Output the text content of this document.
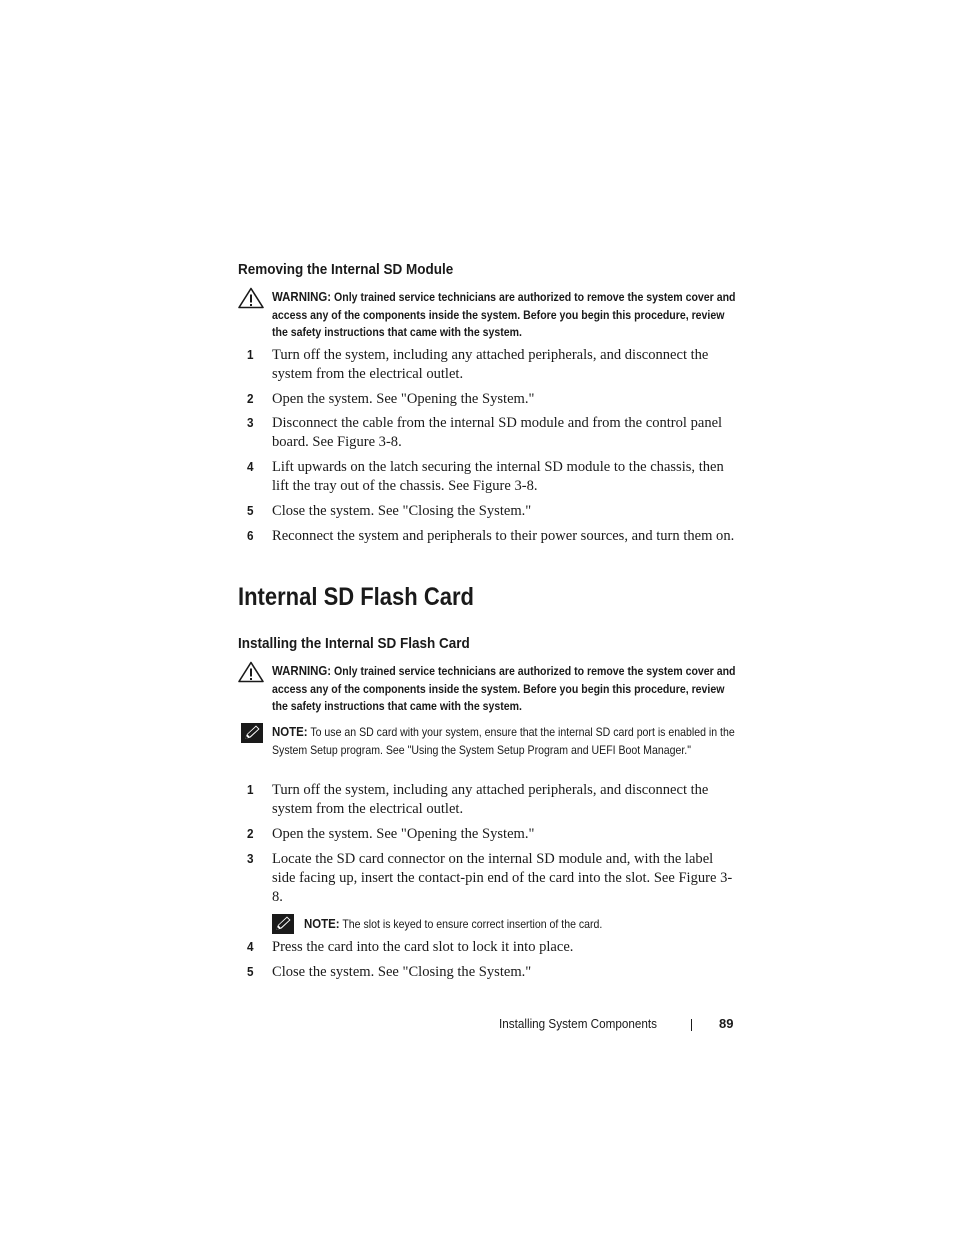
Removing the Internal SD Module
WARNING: Only trained service technicians are authorized to remove the system cover and access any of the components inside the system. Before you begin this procedure, review the safety instructions that came with the system.
1 Turn off the system, including any attached peripherals, and disconnect the system from the electrical outlet.
2 Open the system. See "Opening the System."
3 Disconnect the cable from the internal SD module and from the control panel board. See Figure 3-8.
4 Lift upwards on the latch securing the internal SD module to the chassis, then lift the tray out of the chassis. See Figure 3-8.
5 Close the system. See "Closing the System."
6 Reconnect the system and peripherals to their power sources, and turn them on.
Internal SD Flash Card
Installing the Internal SD Flash Card
WARNING: Only trained service technicians are authorized to remove the system cover and access any of the components inside the system. Before you begin this procedure, review the safety instructions that came with the system.
NOTE: To use an SD card with your system, ensure that the internal SD card port is enabled in the System Setup program. See "Using the System Setup Program and UEFI Boot Manager."
1 Turn off the system, including any attached peripherals, and disconnect the system from the electrical outlet.
2 Open the system. See "Opening the System."
3 Locate the SD card connector on the internal SD module and, with the label side facing up, insert the contact-pin end of the card into the slot. See Figure 3-8.
NOTE: The slot is keyed to ensure correct insertion of the card.
4 Press the card into the card slot to lock it into place.
5 Close the system. See "Closing the System."
Installing System Components	89
